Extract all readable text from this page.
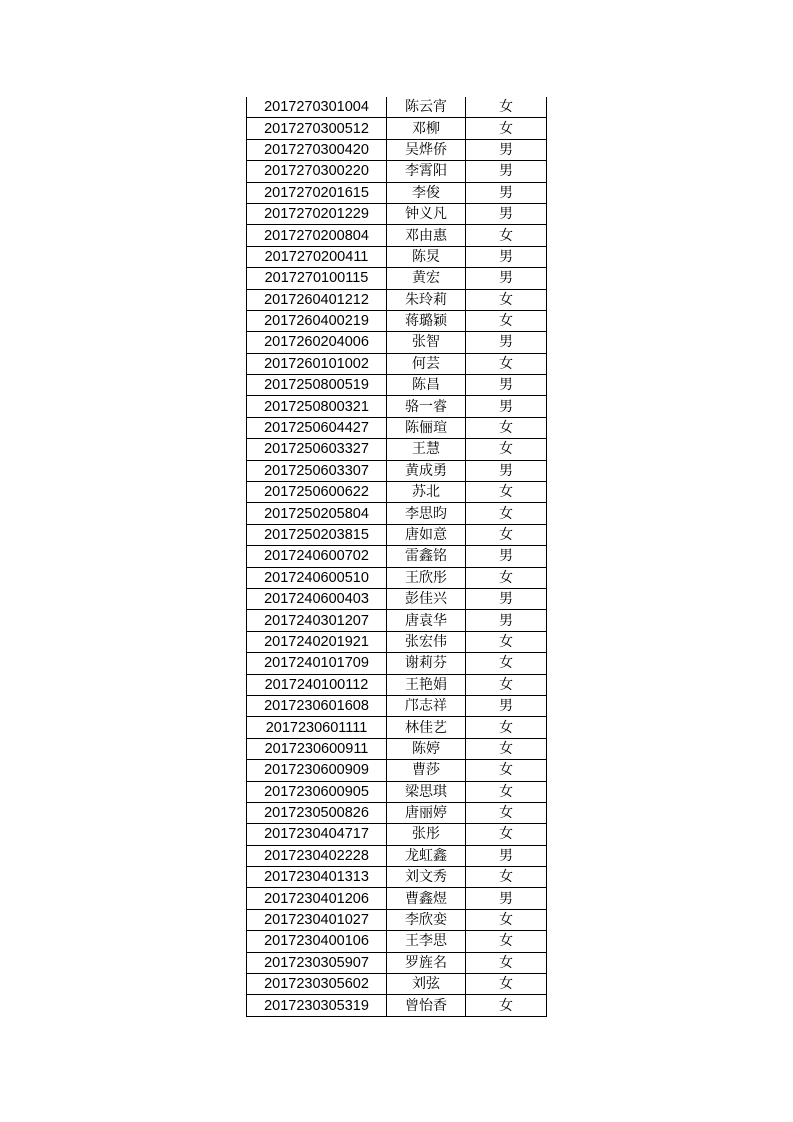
2017270301004	陈云宵	女
2017270300512	邓柳	女
2017270300420	吴烨侨	男
2017270300220	李霄阳	男
2017270201615	李俊	男
2017270201229	钟义凡	男
2017270200804	邓由惠	女
2017270200411	陈炅	男
2017270100115	黄宏	男
2017260401212	朱玲莉	女
2017260400219	蒋璐颖	女
2017260204006	张智	男
2017260101002	何芸	女
2017250800519	陈昌	男
2017250800321	骆一睿	男
2017250604427	陈俪瑄	女
2017250603327	王慧	女
2017250603307	黄成勇	男
2017250600622	苏北	女
2017250205804	李思昀	女
2017250203815	唐如意	女
2017240600702	雷鑫铭	男
2017240600510	王欣彤	女
2017240600403	彭佳兴	男
2017240301207	唐袁华	男
2017240201921	张宏伟	女
2017240101709	谢莉芬	女
2017240100112	王艳娟	女
2017230601608	邝志祥	男
2017230601111	林佳艺	女
2017230600911	陈婷	女
2017230600909	曹莎	女
2017230600905	梁思琪	女
2017230500826	唐丽婷	女
2017230404717	张彤	女
2017230402228	龙虹鑫	男
2017230401313	刘文秀	女
2017230401206	曹鑫煜	男
2017230401027	李欣娈	女
2017230400106	王李思	女
2017230305907	罗旌名	女
2017230305602	刘弦	女
2017230305319	曾怡香	女
